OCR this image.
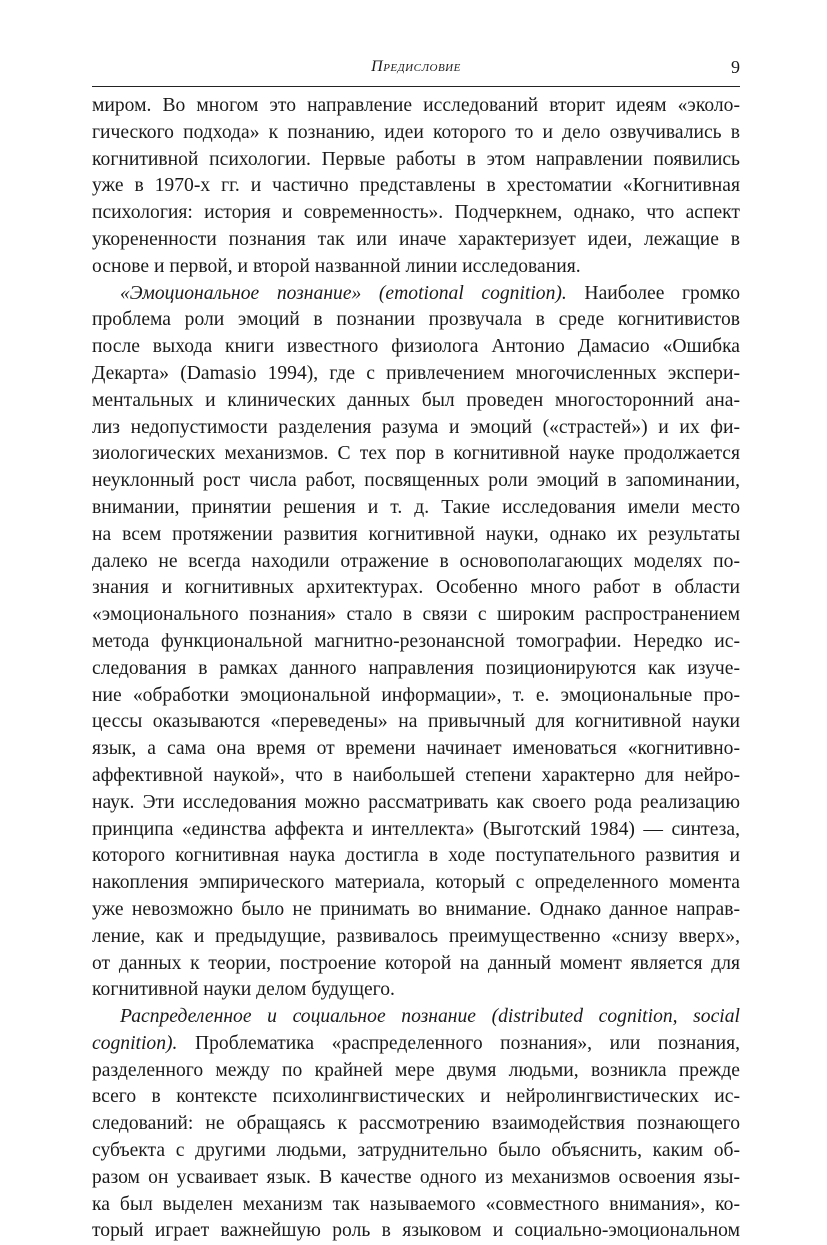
Предисловие	9
миром. Во многом это направление исследований вторит идеям «эколо-
гического подхода» к познанию, идеи которого то и дело озвучивались в
когнитивной психологии. Первые работы в этом направлении появились
уже в 1970-х гг. и частично представлены в хрестоматии «Когнитивная
психология: история и современность». Подчеркнем, однако, что аспект
укорененности познания так или иначе характеризует идеи, лежащие в
основе и первой, и второй названной линии исследования.
«Эмоциональное познание» (emotional cognition). Наиболее громко
проблема роли эмоций в познании прозвучала в среде когнитивистов
после выхода книги известного физиолога Антонио Дамасио «Ошибка
Декарта» (Damasio 1994), где с привлечением многочисленных экспери-
ментальных и клинических данных был проведен многосторонний ана-
лиз недопустимости разделения разума и эмоций («страстей») и их фи-
зиологических механизмов. С тех пор в когнитивной науке продолжается
неуклонный рост числа работ, посвященных роли эмоций в запоминании,
внимании, принятии решения и т. д. Такие исследования имели место
на всем протяжении развития когнитивной науки, однако их результаты
далеко не всегда находили отражение в основополагающих моделях по-
знания и когнитивных архитектурах. Особенно много работ в области
«эмоционального познания» стало в связи с широким распространением
метода функциональной магнитно-резонансной томографии. Нередко ис-
следования в рамках данного направления позиционируются как изуче-
ние «обработки эмоциональной информации», т. е. эмоциональные про-
цессы оказываются «переведены» на привычный для когнитивной науки
язык, а сама она время от времени начинает именоваться «когнитивно-
аффективной наукой», что в наибольшей степени характерно для нейро-
наук. Эти исследования можно рассматривать как своего рода реализацию
принципа «единства аффекта и интеллекта» (Выготский 1984) — синтеза,
которого когнитивная наука достигла в ходе поступательного развития и
накопления эмпирического материала, который с определенного момента
уже невозможно было не принимать во внимание. Однако данное направ-
ление, как и предыдущие, развивалось преимущественно «снизу вверх»,
от данных к теории, построение которой на данный момент является для
когнитивной науки делом будущего.
Распределенное и социальное познание (distributed cognition, social
cognition). Проблематика «распределенного познания», или познания,
разделенного между по крайней мере двумя людьми, возникла прежде
всего в контексте психолингвистических и нейролингвистических ис-
следований: не обращаясь к рассмотрению взаимодействия познающего
субъекта с другими людьми, затруднительно было объяснить, каким об-
разом он усваивает язык. В качестве одного из механизмов освоения язы-
ка был выделен механизм так называемого «совместного внимания», ко-
торый играет важнейшую роль в языковом и социально-эмоциональном
